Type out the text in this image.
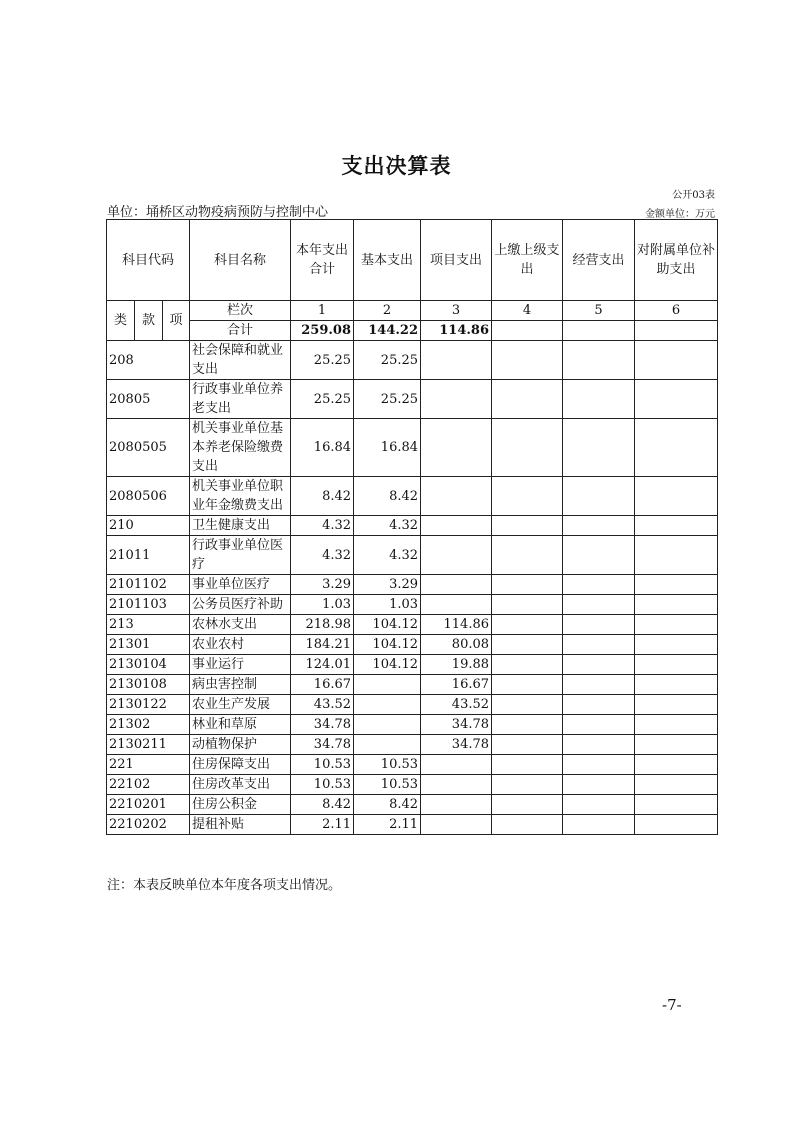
支出决算表
公开03表
单位：埇桥区动物疫病预防与控制中心	金额单位：万元
科目代码			科目名称	本年支出合计	基本支出	项目支出	上缴上级支出	经营支出	对附属单位补助支出
类	款	项	栏次	1	2	3	4	5	6
			合计	259.08	144.22	114.86			
208			社会保障和就业支出	25.25	25.25				
20805			行政事业单位养老支出	25.25	25.25				
2080505			机关事业单位基本养老保险缴费支出	16.84	16.84				
2080506			机关事业单位职业年金缴费支出	8.42	8.42				
210			卫生健康支出	4.32	4.32				
21011			行政事业单位医疗	4.32	4.32				
2101102			事业单位医疗	3.29	3.29				
2101103			公务员医疗补助	1.03	1.03				
213			农林水支出	218.98	104.12	114.86			
21301			农业农村	184.21	104.12	80.08			
2130104			事业运行	124.01	104.12	19.88			
2130108			病虫害控制	16.67		16.67			
2130122			农业生产发展	43.52		43.52			
21302			林业和草原	34.78		34.78			
2130211			动植物保护	34.78		34.78			
221			住房保障支出	10.53	10.53				
22102			住房改革支出	10.53	10.53				
2210201			住房公积金	8.42	8.42				
2210202			提租补贴	2.11	2.11				
注：本表反映单位本年度各项支出情况。
-7-
